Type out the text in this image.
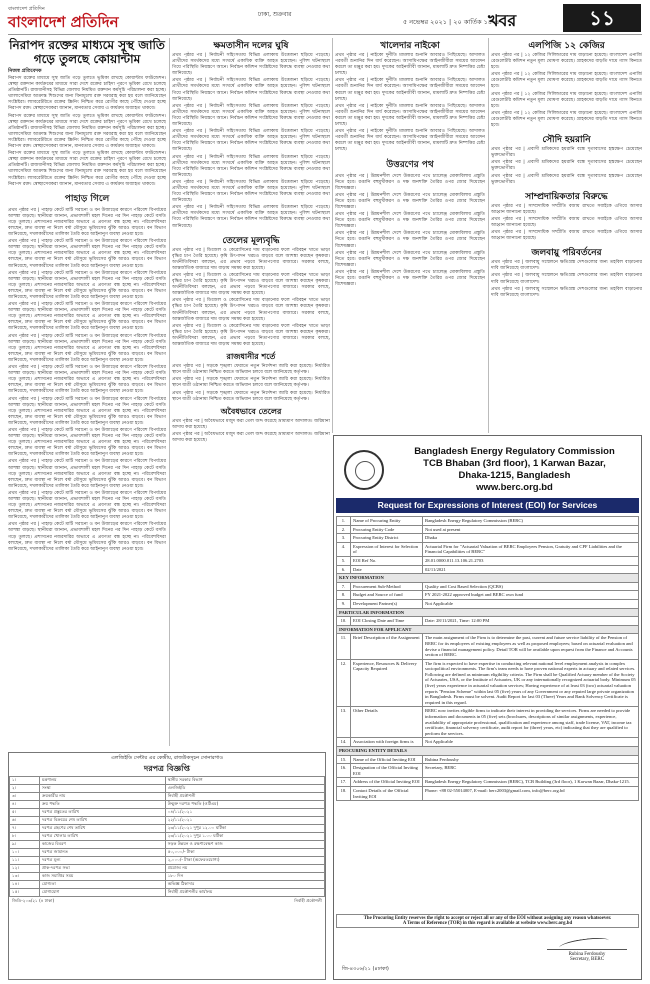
বাংলাদেশ প্রতিদিন
বাংলাদেশ প্রতিদিন	ঢাকা, শুক্রবার
৫ নভেম্বর ২০২১ | ২০ কার্তিক ১৪২৮
খবর	১১
নিরাপদ রক্তের মাধ্যমে সুস্থ জাতি গড়ে তুলছে কোয়ান্টাম
নিজস্ব প্রতিবেদক

নিরাপদ রক্তের মাধ্যমে সুস্থ জাতি গড়ে তুলতে ভূমিকা রাখছে কোয়ান্টাম ফাউন্ডেশন। স্বেচ্ছা রক্তদান কার্যক্রমের মাধ্যমে সারা দেশে রক্তের চাহিদা পূরণে ভূমিকা রেখে চলেছে প্রতিষ্ঠানটি। রাজধানীসহ বিভিন্ন জেলায় নিয়মিত রক্তদান কর্মসূচি পরিচালনা করা হচ্ছে। থ্যালাসেমিয়া আক্রান্ত শিশুদের জন্য বিনামূল্যে রক্ত সরবরাহ করা হয় বলে জানিয়েছেন সংশ্লিষ্টরা। ল্যাবরেটরিতে রক্তের স্ক্রিনিং নিশ্চিত করে রোগীর কাছে পৌঁছে দেওয়া হচ্ছে নিরাপদ রক্ত। স্বেচ্ছাসেবকরা জানান, মানবতার সেবায় এ কার্যক্রম অব্যাহত থাকবে।

নিরাপদ রক্তের মাধ্যমে সুস্থ জাতি গড়ে তুলতে ভূমিকা রাখছে কোয়ান্টাম ফাউন্ডেশন। স্বেচ্ছা রক্তদান কার্যক্রমের মাধ্যমে সারা দেশে রক্তের চাহিদা পূরণে ভূমিকা রেখে চলেছে প্রতিষ্ঠানটি। রাজধানীসহ বিভিন্ন জেলায় নিয়মিত রক্তদান কর্মসূচি পরিচালনা করা হচ্ছে। থ্যালাসেমিয়া আক্রান্ত শিশুদের জন্য বিনামূল্যে রক্ত সরবরাহ করা হয় বলে জানিয়েছেন সংশ্লিষ্টরা। ল্যাবরেটরিতে রক্তের স্ক্রিনিং নিশ্চিত করে রোগীর কাছে পৌঁছে দেওয়া হচ্ছে নিরাপদ রক্ত। স্বেচ্ছাসেবকরা জানান, মানবতার সেবায় এ কার্যক্রম অব্যাহত থাকবে।

নিরাপদ রক্তের মাধ্যমে সুস্থ জাতি গড়ে তুলতে ভূমিকা রাখছে কোয়ান্টাম ফাউন্ডেশন। স্বেচ্ছা রক্তদান কার্যক্রমের মাধ্যমে সারা দেশে রক্তের চাহিদা পূরণে ভূমিকা রেখে চলেছে প্রতিষ্ঠানটি। রাজধানীসহ বিভিন্ন জেলায় নিয়মিত রক্তদান কর্মসূচি পরিচালনা করা হচ্ছে। থ্যালাসেমিয়া আক্রান্ত শিশুদের জন্য বিনামূল্যে রক্ত সরবরাহ করা হয় বলে জানিয়েছেন সংশ্লিষ্টরা। ল্যাবরেটরিতে রক্তের স্ক্রিনিং নিশ্চিত করে রোগীর কাছে পৌঁছে দেওয়া হচ্ছে নিরাপদ রক্ত। স্বেচ্ছাসেবকরা জানান, মানবতার সেবায় এ কার্যক্রম অব্যাহত থাকবে।

পাহাড় গিলে

প্রথম পৃষ্ঠার পর | পাহাড় কেটে মাটি সরানো ও বন উজাড়ের কারণে পরিবেশ বিপর্যয়ের আশঙ্কা বাড়ছে। স্থানীয়রা জানান, প্রভাবশালী মহল দিনের পর দিন পাহাড় কেটে বসতি গড়ে তুলছে। প্রশাসনের নজরদারির অভাবে এ প্রবণতা বন্ধ হচ্ছে না। পরিবেশবিদরা বলছেন, দ্রুত ব্যবস্থা না নিলে বর্ষা মৌসুমে ভূমিধসের ঝুঁকি আরও বাড়বে। বন বিভাগ জানিয়েছে, দখলকারীদের তালিকা তৈরি করে আইনানুগ ব্যবস্থা নেওয়া হবে।

প্রথম পৃষ্ঠার পর | পাহাড় কেটে মাটি সরানো ও বন উজাড়ের কারণে পরিবেশ বিপর্যয়ের আশঙ্কা বাড়ছে। স্থানীয়রা জানান, প্রভাবশালী মহল দিনের পর দিন পাহাড় কেটে বসতি গড়ে তুলছে। প্রশাসনের নজরদারির অভাবে এ প্রবণতা বন্ধ হচ্ছে না। পরিবেশবিদরা বলছেন, দ্রুত ব্যবস্থা না নিলে বর্ষা মৌসুমে ভূমিধসের ঝুঁকি আরও বাড়বে। বন বিভাগ জানিয়েছে, দখলকারীদের তালিকা তৈরি করে আইনানুগ ব্যবস্থা নেওয়া হবে।

প্রথম পৃষ্ঠার পর | পাহাড় কেটে মাটি সরানো ও বন উজাড়ের কারণে পরিবেশ বিপর্যয়ের আশঙ্কা বাড়ছে। স্থানীয়রা জানান, প্রভাবশালী মহল দিনের পর দিন পাহাড় কেটে বসতি গড়ে তুলছে। প্রশাসনের নজরদারির অভাবে এ প্রবণতা বন্ধ হচ্ছে না। পরিবেশবিদরা বলছেন, দ্রুত ব্যবস্থা না নিলে বর্ষা মৌসুমে ভূমিধসের ঝুঁকি আরও বাড়বে। বন বিভাগ জানিয়েছে, দখলকারীদের তালিকা তৈরি করে আইনানুগ ব্যবস্থা নেওয়া হবে।

প্রথম পৃষ্ঠার পর | পাহাড় কেটে মাটি সরানো ও বন উজাড়ের কারণে পরিবেশ বিপর্যয়ের আশঙ্কা বাড়ছে। স্থানীয়রা জানান, প্রভাবশালী মহল দিনের পর দিন পাহাড় কেটে বসতি গড়ে তুলছে। প্রশাসনের নজরদারির অভাবে এ প্রবণতা বন্ধ হচ্ছে না। পরিবেশবিদরা বলছেন, দ্রুত ব্যবস্থা না নিলে বর্ষা মৌসুমে ভূমিধসের ঝুঁকি আরও বাড়বে। বন বিভাগ জানিয়েছে, দখলকারীদের তালিকা তৈরি করে আইনানুগ ব্যবস্থা নেওয়া হবে।

প্রথম পৃষ্ঠার পর | পাহাড় কেটে মাটি সরানো ও বন উজাড়ের কারণে পরিবেশ বিপর্যয়ের আশঙ্কা বাড়ছে। স্থানীয়রা জানান, প্রভাবশালী মহল দিনের পর দিন পাহাড় কেটে বসতি গড়ে তুলছে। প্রশাসনের নজরদারির অভাবে এ প্রবণতা বন্ধ হচ্ছে না। পরিবেশবিদরা বলছেন, দ্রুত ব্যবস্থা না নিলে বর্ষা মৌসুমে ভূমিধসের ঝুঁকি আরও বাড়বে। বন বিভাগ জানিয়েছে, দখলকারীদের তালিকা তৈরি করে আইনানুগ ব্যবস্থা নেওয়া হবে।

প্রথম পৃষ্ঠার পর | পাহাড় কেটে মাটি সরানো ও বন উজাড়ের কারণে পরিবেশ বিপর্যয়ের আশঙ্কা বাড়ছে। স্থানীয়রা জানান, প্রভাবশালী মহল দিনের পর দিন পাহাড় কেটে বসতি গড়ে তুলছে। প্রশাসনের নজরদারির অভাবে এ প্রবণতা বন্ধ হচ্ছে না। পরিবেশবিদরা বলছেন, দ্রুত ব্যবস্থা না নিলে বর্ষা মৌসুমে ভূমিধসের ঝুঁকি আরও বাড়বে। বন বিভাগ জানিয়েছে, দখলকারীদের তালিকা তৈরি করে আইনানুগ ব্যবস্থা নেওয়া হবে।

প্রথম পৃষ্ঠার পর | পাহাড় কেটে মাটি সরানো ও বন উজাড়ের কারণে পরিবেশ বিপর্যয়ের আশঙ্কা বাড়ছে। স্থানীয়রা জানান, প্রভাবশালী মহল দিনের পর দিন পাহাড় কেটে বসতি গড়ে তুলছে। প্রশাসনের নজরদারির অভাবে এ প্রবণতা বন্ধ হচ্ছে না। পরিবেশবিদরা বলছেন, দ্রুত ব্যবস্থা না নিলে বর্ষা মৌসুমে ভূমিধসের ঝুঁকি আরও বাড়বে। বন বিভাগ জানিয়েছে, দখলকারীদের তালিকা তৈরি করে আইনানুগ ব্যবস্থা নেওয়া হবে।

প্রথম পৃষ্ঠার পর | পাহাড় কেটে মাটি সরানো ও বন উজাড়ের কারণে পরিবেশ বিপর্যয়ের আশঙ্কা বাড়ছে। স্থানীয়রা জানান, প্রভাবশালী মহল দিনের পর দিন পাহাড় কেটে বসতি গড়ে তুলছে। প্রশাসনের নজরদারির অভাবে এ প্রবণতা বন্ধ হচ্ছে না। পরিবেশবিদরা বলছেন, দ্রুত ব্যবস্থা না নিলে বর্ষা মৌসুমে ভূমিধসের ঝুঁকি আরও বাড়বে। বন বিভাগ জানিয়েছে, দখলকারীদের তালিকা তৈরি করে আইনানুগ ব্যবস্থা নেওয়া হবে।

প্রথম পৃষ্ঠার পর | পাহাড় কেটে মাটি সরানো ও বন উজাড়ের কারণে পরিবেশ বিপর্যয়ের আশঙ্কা বাড়ছে। স্থানীয়রা জানান, প্রভাবশালী মহল দিনের পর দিন পাহাড় কেটে বসতি গড়ে তুলছে। প্রশাসনের নজরদারির অভাবে এ প্রবণতা বন্ধ হচ্ছে না। পরিবেশবিদরা বলছেন, দ্রুত ব্যবস্থা না নিলে বর্ষা মৌসুমে ভূমিধসের ঝুঁকি আরও বাড়বে। বন বিভাগ জানিয়েছে, দখলকারীদের তালিকা তৈরি করে আইনানুগ ব্যবস্থা নেওয়া হবে।

প্রথম পৃষ্ঠার পর | পাহাড় কেটে মাটি সরানো ও বন উজাড়ের কারণে পরিবেশ বিপর্যয়ের আশঙ্কা বাড়ছে। স্থানীয়রা জানান, প্রভাবশালী মহল দিনের পর দিন পাহাড় কেটে বসতি গড়ে তুলছে। প্রশাসনের নজরদারির অভাবে এ প্রবণতা বন্ধ হচ্ছে না। পরিবেশবিদরা বলছেন, দ্রুত ব্যবস্থা না নিলে বর্ষা মৌসুমে ভূমিধসের ঝুঁকি আরও বাড়বে। বন বিভাগ জানিয়েছে, দখলকারীদের তালিকা তৈরি করে আইনানুগ ব্যবস্থা নেওয়া হবে।

প্রথম পৃষ্ঠার পর | পাহাড় কেটে মাটি সরানো ও বন উজাড়ের কারণে পরিবেশ বিপর্যয়ের আশঙ্কা বাড়ছে। স্থানীয়রা জানান, প্রভাবশালী মহল দিনের পর দিন পাহাড় কেটে বসতি গড়ে তুলছে। প্রশাসনের নজরদারির অভাবে এ প্রবণতা বন্ধ হচ্ছে না। পরিবেশবিদরা বলছেন, দ্রুত ব্যবস্থা না নিলে বর্ষা মৌসুমে ভূমিধসের ঝুঁকি আরও বাড়বে। বন বিভাগ জানিয়েছে, দখলকারীদের তালিকা তৈরি করে আইনানুগ ব্যবস্থা নেওয়া হবে।

ক্ষমতাসীন দলের ঘুষি

প্রথম পৃষ্ঠার পর | নির্বাচনী সহিংসতায় বিভিন্ন এলাকায় উত্তেজনা ছড়িয়ে পড়েছে। প্রার্থীদের সমর্থকদের মধ্যে সংঘর্ষে একাধিক ব্যক্তি আহত হয়েছেন। পুলিশ ঘটনাস্থলে গিয়ে পরিস্থিতি নিয়ন্ত্রণে আনে। নির্বাচন কমিশন সংশ্লিষ্টদের বিরুদ্ধে ব্যবস্থা নেওয়ার কথা জানিয়েছে।

প্রথম পৃষ্ঠার পর | নির্বাচনী সহিংসতায় বিভিন্ন এলাকায় উত্তেজনা ছড়িয়ে পড়েছে। প্রার্থীদের সমর্থকদের মধ্যে সংঘর্ষে একাধিক ব্যক্তি আহত হয়েছেন। পুলিশ ঘটনাস্থলে গিয়ে পরিস্থিতি নিয়ন্ত্রণে আনে। নির্বাচন কমিশন সংশ্লিষ্টদের বিরুদ্ধে ব্যবস্থা নেওয়ার কথা জানিয়েছে।

প্রথম পৃষ্ঠার পর | নির্বাচনী সহিংসতায় বিভিন্ন এলাকায় উত্তেজনা ছড়িয়ে পড়েছে। প্রার্থীদের সমর্থকদের মধ্যে সংঘর্ষে একাধিক ব্যক্তি আহত হয়েছেন। পুলিশ ঘটনাস্থলে গিয়ে পরিস্থিতি নিয়ন্ত্রণে আনে। নির্বাচন কমিশন সংশ্লিষ্টদের বিরুদ্ধে ব্যবস্থা নেওয়ার কথা জানিয়েছে।

প্রথম পৃষ্ঠার পর | নির্বাচনী সহিংসতায় বিভিন্ন এলাকায় উত্তেজনা ছড়িয়ে পড়েছে। প্রার্থীদের সমর্থকদের মধ্যে সংঘর্ষে একাধিক ব্যক্তি আহত হয়েছেন। পুলিশ ঘটনাস্থলে গিয়ে পরিস্থিতি নিয়ন্ত্রণে আনে। নির্বাচন কমিশন সংশ্লিষ্টদের বিরুদ্ধে ব্যবস্থা নেওয়ার কথা জানিয়েছে।

প্রথম পৃষ্ঠার পর | নির্বাচনী সহিংসতায় বিভিন্ন এলাকায় উত্তেজনা ছড়িয়ে পড়েছে। প্রার্থীদের সমর্থকদের মধ্যে সংঘর্ষে একাধিক ব্যক্তি আহত হয়েছেন। পুলিশ ঘটনাস্থলে গিয়ে পরিস্থিতি নিয়ন্ত্রণে আনে। নির্বাচন কমিশন সংশ্লিষ্টদের বিরুদ্ধে ব্যবস্থা নেওয়ার কথা জানিয়েছে।

প্রথম পৃষ্ঠার পর | নির্বাচনী সহিংসতায় বিভিন্ন এলাকায় উত্তেজনা ছড়িয়ে পড়েছে। প্রার্থীদের সমর্থকদের মধ্যে সংঘর্ষে একাধিক ব্যক্তি আহত হয়েছেন। পুলিশ ঘটনাস্থলে গিয়ে পরিস্থিতি নিয়ন্ত্রণে আনে। নির্বাচন কমিশন সংশ্লিষ্টদের বিরুদ্ধে ব্যবস্থা নেওয়ার কথা জানিয়েছে।

প্রথম পৃষ্ঠার পর | নির্বাচনী সহিংসতায় বিভিন্ন এলাকায় উত্তেজনা ছড়িয়ে পড়েছে। প্রার্থীদের সমর্থকদের মধ্যে সংঘর্ষে একাধিক ব্যক্তি আহত হয়েছেন। পুলিশ ঘটনাস্থলে গিয়ে পরিস্থিতি নিয়ন্ত্রণে আনে। নির্বাচন কমিশন সংশ্লিষ্টদের বিরুদ্ধে ব্যবস্থা নেওয়ার কথা জানিয়েছে।

তেলের মূল্যবৃদ্ধি

প্রথম পৃষ্ঠার পর | ডিজেল ও কেরোসিনের দাম বাড়ানোর ফলে পরিবহন খাতে ভাড়া বৃদ্ধির চাপ তৈরি হয়েছে। কৃষি উৎপাদন খরচও বাড়বে বলে আশঙ্কা করছেন কৃষকরা। অর্থনীতিবিদরা বলছেন, এর প্রভাব পড়বে নিত্যপণ্যের বাজারে। সরকার বলছে, আন্তর্জাতিক বাজারে দাম বাড়ায় সমন্বয় করা হয়েছে।

প্রথম পৃষ্ঠার পর | ডিজেল ও কেরোসিনের দাম বাড়ানোর ফলে পরিবহন খাতে ভাড়া বৃদ্ধির চাপ তৈরি হয়েছে। কৃষি উৎপাদন খরচও বাড়বে বলে আশঙ্কা করছেন কৃষকরা। অর্থনীতিবিদরা বলছেন, এর প্রভাব পড়বে নিত্যপণ্যের বাজারে। সরকার বলছে, আন্তর্জাতিক বাজারে দাম বাড়ায় সমন্বয় করা হয়েছে।

প্রথম পৃষ্ঠার পর | ডিজেল ও কেরোসিনের দাম বাড়ানোর ফলে পরিবহন খাতে ভাড়া বৃদ্ধির চাপ তৈরি হয়েছে। কৃষি উৎপাদন খরচও বাড়বে বলে আশঙ্কা করছেন কৃষকরা। অর্থনীতিবিদরা বলছেন, এর প্রভাব পড়বে নিত্যপণ্যের বাজারে। সরকার বলছে, আন্তর্জাতিক বাজারে দাম বাড়ায় সমন্বয় করা হয়েছে।

প্রথম পৃষ্ঠার পর | ডিজেল ও কেরোসিনের দাম বাড়ানোর ফলে পরিবহন খাতে ভাড়া বৃদ্ধির চাপ তৈরি হয়েছে। কৃষি উৎপাদন খরচও বাড়বে বলে আশঙ্কা করছেন কৃষকরা। অর্থনীতিবিদরা বলছেন, এর প্রভাব পড়বে নিত্যপণ্যের বাজারে। সরকার বলছে, আন্তর্জাতিক বাজারে দাম বাড়ায় সমন্বয় করা হয়েছে।

রাজধানীর শর্তে

প্রথম পৃষ্ঠার পর | সড়কে শৃঙ্খলা ফেরাতে নতুন নির্দেশনা জারি করা হয়েছে। নির্ধারিত স্থানে যাত্রী ওঠানামা নিশ্চিত করতে অভিযান চলবে বলে জানিয়েছে কর্তৃপক্ষ।

প্রথম পৃষ্ঠার পর | সড়কে শৃঙ্খলা ফেরাতে নতুন নির্দেশনা জারি করা হয়েছে। নির্ধারিত স্থানে যাত্রী ওঠানামা নিশ্চিত করতে অভিযান চলবে বলে জানিয়েছে কর্তৃপক্ষ।

প্রথম পৃষ্ঠার পর | সড়কে শৃঙ্খলা ফেরাতে নতুন নির্দেশনা জারি করা হয়েছে। নির্ধারিত স্থানে যাত্রী ওঠানামা নিশ্চিত করতে অভিযান চলবে বলে জানিয়েছে কর্তৃপক্ষ।

অবৈধভাবে তেলের

প্রথম পৃষ্ঠার পর | অবৈধভাবে মজুদ করা তেল জব্দ করেছে ভ্রাম্যমাণ আদালত। জরিমানা আদায় করা হয়েছে।

প্রথম পৃষ্ঠার পর | অবৈধভাবে মজুদ করা তেল জব্দ করেছে ভ্রাম্যমাণ আদালত। জরিমানা আদায় করা হয়েছে।

খালেদার নাইকো

প্রথম পৃষ্ঠার পর | নাইকো দুর্নীতি মামলার শুনানি আবারও পিছিয়েছে। আদালত পরবর্তী শুনানির দিন ধার্য করেছেন। আসামিপক্ষের আইনজীবীরা সময়ের আবেদন করলে তা মঞ্জুর করা হয়। দুদকের আইনজীবী জানান, মামলাটি দ্রুত নিষ্পত্তির চেষ্টা চলছে।

প্রথম পৃষ্ঠার পর | নাইকো দুর্নীতি মামলার শুনানি আবারও পিছিয়েছে। আদালত পরবর্তী শুনানির দিন ধার্য করেছেন। আসামিপক্ষের আইনজীবীরা সময়ের আবেদন করলে তা মঞ্জুর করা হয়। দুদকের আইনজীবী জানান, মামলাটি দ্রুত নিষ্পত্তির চেষ্টা চলছে।

প্রথম পৃষ্ঠার পর | নাইকো দুর্নীতি মামলার শুনানি আবারও পিছিয়েছে। আদালত পরবর্তী শুনানির দিন ধার্য করেছেন। আসামিপক্ষের আইনজীবীরা সময়ের আবেদন করলে তা মঞ্জুর করা হয়। দুদকের আইনজীবী জানান, মামলাটি দ্রুত নিষ্পত্তির চেষ্টা চলছে।

প্রথম পৃষ্ঠার পর | নাইকো দুর্নীতি মামলার শুনানি আবারও পিছিয়েছে। আদালত পরবর্তী শুনানির দিন ধার্য করেছেন। আসামিপক্ষের আইনজীবীরা সময়ের আবেদন করলে তা মঞ্জুর করা হয়। দুদকের আইনজীবী জানান, মামলাটি দ্রুত নিষ্পত্তির চেষ্টা চলছে।

উত্তরণের পথ

প্রথম পৃষ্ঠার পর | উন্নয়নশীল দেশে উত্তরণের পথে চ্যালেঞ্জ মোকাবিলায় প্রস্তুতি নিতে হবে। রপ্তানি বহুমুখীকরণ ও দক্ষ জনশক্তি তৈরির ওপর জোর দিয়েছেন বিশেষজ্ঞরা।

প্রথম পৃষ্ঠার পর | উন্নয়নশীল দেশে উত্তরণের পথে চ্যালেঞ্জ মোকাবিলায় প্রস্তুতি নিতে হবে। রপ্তানি বহুমুখীকরণ ও দক্ষ জনশক্তি তৈরির ওপর জোর দিয়েছেন বিশেষজ্ঞরা।

প্রথম পৃষ্ঠার পর | উন্নয়নশীল দেশে উত্তরণের পথে চ্যালেঞ্জ মোকাবিলায় প্রস্তুতি নিতে হবে। রপ্তানি বহুমুখীকরণ ও দক্ষ জনশক্তি তৈরির ওপর জোর দিয়েছেন বিশেষজ্ঞরা।

প্রথম পৃষ্ঠার পর | উন্নয়নশীল দেশে উত্তরণের পথে চ্যালেঞ্জ মোকাবিলায় প্রস্তুতি নিতে হবে। রপ্তানি বহুমুখীকরণ ও দক্ষ জনশক্তি তৈরির ওপর জোর দিয়েছেন বিশেষজ্ঞরা।

প্রথম পৃষ্ঠার পর | উন্নয়নশীল দেশে উত্তরণের পথে চ্যালেঞ্জ মোকাবিলায় প্রস্তুতি নিতে হবে। রপ্তানি বহুমুখীকরণ ও দক্ষ জনশক্তি তৈরির ওপর জোর দিয়েছেন বিশেষজ্ঞরা।

প্রথম পৃষ্ঠার পর | উন্নয়নশীল দেশে উত্তরণের পথে চ্যালেঞ্জ মোকাবিলায় প্রস্তুতি নিতে হবে। রপ্তানি বহুমুখীকরণ ও দক্ষ জনশক্তি তৈরির ওপর জোর দিয়েছেন বিশেষজ্ঞরা।

এলপিজি ১২ কেজির

প্রথম পৃষ্ঠার পর | ১২ কেজির সিলিন্ডারের দাম বাড়ানো হয়েছে। বাংলাদেশ এনার্জি রেগুলেটরি কমিশন নতুন মূল্য ঘোষণা করেছে। গ্রাহকদের বাড়তি দামে গ্যাস কিনতে হবে।

প্রথম পৃষ্ঠার পর | ১২ কেজির সিলিন্ডারের দাম বাড়ানো হয়েছে। বাংলাদেশ এনার্জি রেগুলেটরি কমিশন নতুন মূল্য ঘোষণা করেছে। গ্রাহকদের বাড়তি দামে গ্যাস কিনতে হবে।

প্রথম পৃষ্ঠার পর | ১২ কেজির সিলিন্ডারের দাম বাড়ানো হয়েছে। বাংলাদেশ এনার্জি রেগুলেটরি কমিশন নতুন মূল্য ঘোষণা করেছে। গ্রাহকদের বাড়তি দামে গ্যাস কিনতে হবে।

প্রথম পৃষ্ঠার পর | ১২ কেজির সিলিন্ডারের দাম বাড়ানো হয়েছে। বাংলাদেশ এনার্জি রেগুলেটরি কমিশন নতুন মূল্য ঘোষণা করেছে। গ্রাহকদের বাড়তি দামে গ্যাস কিনতে হবে।

সৌদি হয়রানি

প্রথম পৃষ্ঠার পর | প্রবাসী শ্রমিকদের হয়রানি বন্ধে দূতাবাসের হস্তক্ষেপ চেয়েছেন ভুক্তভোগীরা।

প্রথম পৃষ্ঠার পর | প্রবাসী শ্রমিকদের হয়রানি বন্ধে দূতাবাসের হস্তক্ষেপ চেয়েছেন ভুক্তভোগীরা।

প্রথম পৃষ্ঠার পর | প্রবাসী শ্রমিকদের হয়রানি বন্ধে দূতাবাসের হস্তক্ষেপ চেয়েছেন ভুক্তভোগীরা।

সাম্প্রদায়িকতার বিরুদ্ধে

প্রথম পৃষ্ঠার পর | সাম্প্রদায়িক সম্প্রীতি বজায় রাখতে সবাইকে এগিয়ে আসার আহ্বান জানানো হয়েছে।

প্রথম পৃষ্ঠার পর | সাম্প্রদায়িক সম্প্রীতি বজায় রাখতে সবাইকে এগিয়ে আসার আহ্বান জানানো হয়েছে।

প্রথম পৃষ্ঠার পর | সাম্প্রদায়িক সম্প্রীতি বজায় রাখতে সবাইকে এগিয়ে আসার আহ্বান জানানো হয়েছে।

জলবায়ু পরিবর্তনের

প্রথম পৃষ্ঠার পর | জলবায়ু সম্মেলনে ক্ষতিগ্রস্ত দেশগুলোর জন্য তহবিল বাড়ানোর দাবি জানিয়েছে বাংলাদেশ।

প্রথম পৃষ্ঠার পর | জলবায়ু সম্মেলনে ক্ষতিগ্রস্ত দেশগুলোর জন্য তহবিল বাড়ানোর দাবি জানিয়েছে বাংলাদেশ।

প্রথম পৃষ্ঠার পর | জলবায়ু সম্মেলনে ক্ষতিগ্রস্ত দেশগুলোর জন্য তহবিল বাড়ানোর দাবি জানিয়েছে বাংলাদেশ।

এলজিইডি সেন্টার এর কেন্দ্রীয়, রাজউকসূচন সোনারগাও
দরপত্র বিজ্ঞপ্তি
১।	মন্ত্রণালয়	স্থানীয় সরকার বিভাগ
২।	সংস্থা	এলজিইডি
৩।	ক্রয়কারীর নাম	নির্বাহী প্রকৌশলী
৪।	ক্রয় পদ্ধতি	উন্মুক্ত দরপত্র পদ্ধতি (ওটিএম)
৫।	দরপত্র প্রস্তুতের তারিখ	০৪/১১/২০২১
৬।	দরপত্র বিক্রয়ের শেষ তারিখ	২২/১১/২০২১
৭।	দরপত্র গ্রহণের শেষ তারিখ	২৩/১১/২০২১ দুপুর ১২.০০ ঘটিকা
৮।	দরপত্র খোলার তারিখ	২৩/১১/২০২১ দুপুর ১.০০ ঘটিকা
৯।	কাজের বিবরণ	সড়ক উন্নয়ন ও রক্ষণাবেক্ষণ কাজ
১০।	দরপত্র জামানত	৫০,০০০/- টাকা
১১।	দরপত্র মূল্য	২,০০০/- টাকা (অফেরতযোগ্য)
১২।	প্রাক-দরপত্র সভা	প্রযোজ্য নয়
১৩।	কাজ সমাপ্তির সময়	১৮০ দিন
১৪।	যোগ্যতা	অভিজ্ঞ ঠিকাদার
১৫।	যোগাযোগ	নির্বাহী প্রকৌশলীর কার্যালয়
জিডি-২০৩/২১ (৪ ঢাকা)	নির্বাহী প্রকৌশলী
Bangladesh Energy Regulatory Commission
TCB Bhaban (3rd floor), 1 Karwan Bazar,
Dhaka-1215, Bangladesh
www.berc.org.bd
Request for Expressions of Interest (EOI) for Services
1.	Name of Procuring Entity	Bangladesh Energy Regulatory Commission (BERC)
2.	Procuring Entity Code	Not used at present
3.	Procuring Entity District	Dhaka
4.	Expression of Interest for Selection of	Actuarial Firm for "Actuarial Valuation of BERC Employees Pension, Gratuity and CPF Liabilities and the Financial Capabilities of BERC"
5.	EOI Ref No.	28.01.0000.011.13.106.21.2703
6.	Date	02/11/2021
KEY INFORMATION		
7.	Procurement Sub-Method	Quality and Cost Based Selection (QCBS)
8.	Budget and Source of fund	FY 2021-2022 approved budget and BERC own fund
9.	Development Partner(s)	Not Applicable
PARTICULAR INFORMATION		
10.	EOI Closing Date and Time	Date: 28/11/2021, Time: 12:00 PM
INFORMATION FOR APPLICANT		
11.	Brief Description of the Assignment	The main assignment of the Firm is to determine the past, current and future service liability of the Pension of BERC for its employees of existing employees as well as proposed employees; based on actuarial evaluation and devise a financial management policy. Detail TOR will be available upon request from the Finance and Accounts section of BERC.
12.	Experience, Resources & Delivery Capacity Required	The firm is expected to have expertise in conducting relevant national level employment analysis in complex sociopolitical environments. The firm's team needs to have proven national experts in actuary and related services. Following are defined as minimum eligibility criteria. The Firm shall be Qualified Actuary member of the Society of Actuaries, USA, or the Institute of Actuaries, UK or any internationally recognized actuarial body. Minimum 05 (five) years experience in actuarial valuation services; Having experience of at least 03 (two) actuarial valuation reports "Pension Scheme" within last 05 (five) years of any Government or any reputed large private organization in Bangladesh. Firms must be solvent. Audit Report for last 03 (Three) Years and Bank Solvency Certificate is required in this regard.
13.	Other Details	BERC now invites eligible firms to indicate their interest in providing the services. Firms are needed to provide information and documents in 05 (five) sets (brochures, descriptions of similar assignments, experience, availability of appropriate professional, qualification and experience among staff, trade license, VAT, income tax certificate, financial solvency certificate, audit report for (three) years, etc) indicating that they are qualified to perform the services.
14.	Association with foreign firms is	Not Applicable
PROCURING ENTITY DETAILS		
15.	Name of the Official Inviting EOI	Rubina Ferdoushy
16.	Designation of the Official Inviting EOI	Secretary, BERC
17.	Address of the Official Inviting EOI	Bangladesh Energy Regulatory Commission (BERC), TCB Building (3rd floor), 1 Karwan Bazar, Dhaka-1215.
18.	Contact Details of the Official Inviting EOI	Phone: +88 02-55014007, E-mail: berc2003@gmail.com, info@berc.org.bd
The Procuring Entity reserves the right to accept or reject all or any of the EOI without assigning any reason whatsoever.
A Terms of Reference (TOR) in this regard is available at website www.berc.org.bd
Rubina Ferdoushy
Secretary, BERC
জি-৪৩০৬/২১ (৪ঢাকা)
